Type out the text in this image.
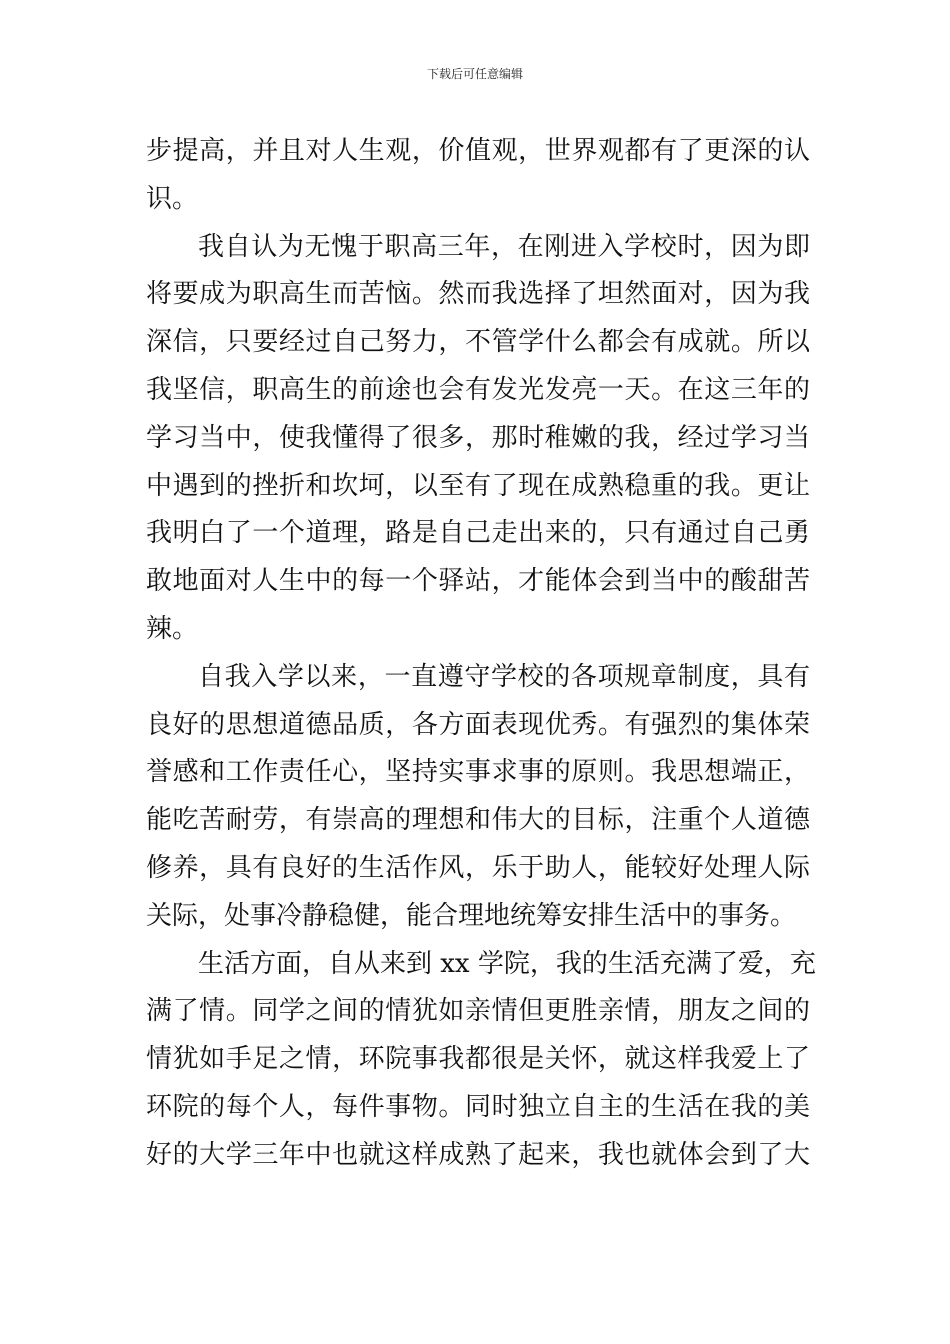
下载后可任意编辑
步提高，并且对人生观，价值观，世界观都有了更深的认
识。
我自认为无愧于职高三年，在刚进入学校时，因为即
将要成为职高生而苦恼。然而我选择了坦然面对，因为我
深信，只要经过自己努力，不管学什么都会有成就。所以
我坚信，职高生的前途也会有发光发亮一天。在这三年的
学习当中，使我懂得了很多，那时稚嫩的我，经过学习当
中遇到的挫折和坎坷，以至有了现在成熟稳重的我。更让
我明白了一个道理，路是自己走出来的，只有通过自己勇
敢地面对人生中的每一个驿站，才能体会到当中的酸甜苦
辣。
自我入学以来，一直遵守学校的各项规章制度，具有
良好的思想道德品质，各方面表现优秀。有强烈的集体荣
誉感和工作责任心，坚持实事求事的原则。我思想端正，
能吃苦耐劳，有崇高的理想和伟大的目标，注重个人道德
修养，具有良好的生活作风，乐于助人，能较好处理人际
关际，处事冷静稳健，能合理地统筹安排生活中的事务。
生活方面，自从来到 xx 学院，我的生活充满了爱，充
满了情。同学之间的情犹如亲情但更胜亲情，朋友之间的
情犹如手足之情，环院事我都很是关怀，就这样我爱上了
环院的每个人，每件事物。同时独立自主的生活在我的美
好的大学三年中也就这样成熟了起来，我也就体会到了大
